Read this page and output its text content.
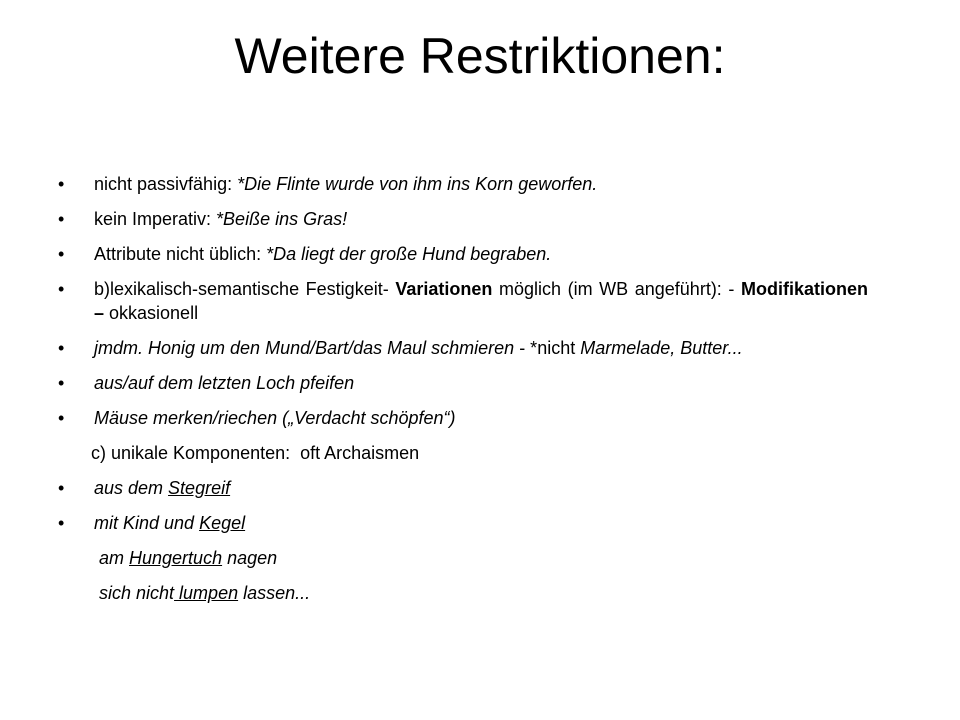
Weitere Restriktionen:
•	nicht passivfähig: *Die Flinte wurde von ihm ins Korn geworfen.
•	kein Imperativ: *Beiße ins Gras!
•	Attribute nicht üblich: *Da liegt der große Hund begraben.
•	b)lexikalisch-semantische Festigkeit- Variationen möglich (im WB angeführt): - Modifikationen – okkasionell
•	jmdm. Honig um den Mund/Bart/das Maul schmieren - *nicht Marmelade, Butter...
•	aus/auf dem letzten Loch pfeifen
•	Mäuse merken/riechen („Verdacht schöpfen“)
c) unikale Komponenten:  oft Archaismen
•	aus dem Stegreif
•	mit Kind und Kegel
am Hungertuch nagen
sich nicht lumpen lassen...
